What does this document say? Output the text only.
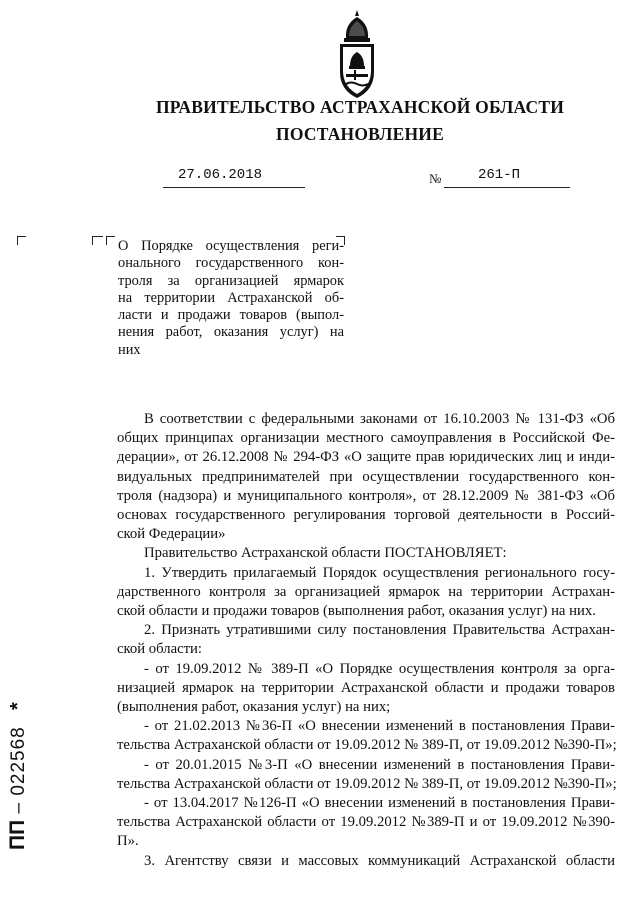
ПРАВИТЕЛЬСТВО АСТРАХАНСКОЙ ОБЛАСТИ
ПОСТАНОВЛЕНИЕ
27.06.2018	№	261-П
О Порядке осуществления реги-
онального государственного кон-
троля за организацией ярмарок
на территории Астраханской об-
ласти и продажи товаров (выпол-
нения работ, оказания услуг) на
них
В соответствии с федеральными законами от 16.10.2003 № 131-ФЗ «Об
общих принципах организации местного самоуправления в Российской Фе-
дерации», от 26.12.2008 № 294-ФЗ «О защите прав юридических лиц и инди-
видуальных предпринимателей при осуществлении государственного кон-
троля (надзора) и муниципального контроля», от 28.12.2009 № 381-ФЗ «Об
основах государственного регулирования торговой деятельности в Россий-
ской Федерации»
Правительство Астраханской области ПОСТАНОВЛЯЕТ:
1. Утвердить прилагаемый Порядок осуществления регионального госу-
дарственного контроля за организацией ярмарок на территории Астрахан-
ской области и продажи товаров (выполнения работ, оказания услуг) на них.
2. Признать утратившими силу постановления Правительства Астрахан-
ской области:
- от 19.09.2012 № 389-П «О Порядке осуществления контроля за орга-
низацией ярмарок на территории Астраханской области и продажи товаров
(выполнения работ, оказания услуг) на них;
- от 21.02.2013 №36-П «О внесении изменений в постановления Прави-
тельства Астраханской области от 19.09.2012 № 389-П, от 19.09.2012 №390-П»;
- от 20.01.2015 №3-П «О внесении изменений в постановления Прави-
тельства Астраханской области от 19.09.2012 № 389-П, от 19.09.2012 №390-П»;
- от 13.04.2017 №126-П «О внесении изменений в постановления Прави-
тельства Астраханской области от 19.09.2012 №389-П и от 19.09.2012 №390-
П».
3. Агентству связи и массовых коммуникаций Астраханской области
ПП – 022568 *
